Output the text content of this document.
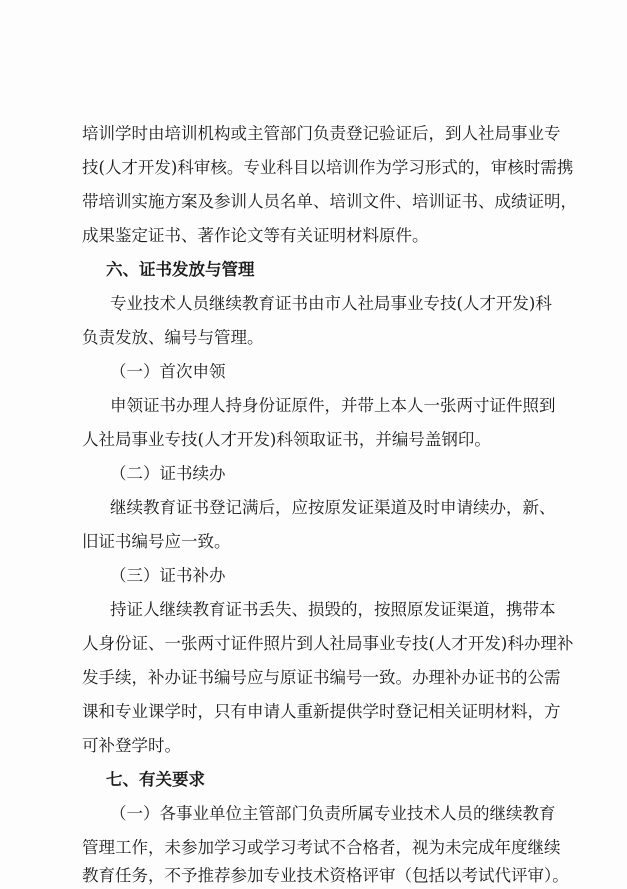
培训学时由培训机构或主管部门负责登记验证后，到人社局事业专
技(人才开发)科审核。专业科目以培训作为学习形式的，审核时需携
带培训实施方案及参训人员名单、培训文件、培训证书、成绩证明，
成果鉴定证书、著作论文等有关证明材料原件。
六、证书发放与管理
专业技术人员继续教育证书由市人社局事业专技(人才开发)科
负责发放、编号与管理。
（一）首次申领
申领证书办理人持身份证原件，并带上本人一张两寸证件照到
人社局事业专技(人才开发)科领取证书，并编号盖钢印。
（二）证书续办
继续教育证书登记满后，应按原发证渠道及时申请续办，新、
旧证书编号应一致。
（三）证书补办
持证人继续教育证书丢失、损毁的，按照原发证渠道，携带本
人身份证、一张两寸证件照片到人社局事业专技(人才开发)科办理补
发手续，补办证书编号应与原证书编号一致。办理补办证书的公需
课和专业课学时，只有申请人重新提供学时登记相关证明材料，方
可补登学时。
七、有关要求
（一）各事业单位主管部门负责所属专业技术人员的继续教育
管理工作，未参加学习或学习考试不合格者，视为未完成年度继续
教育任务，不予推荐参加专业技术资格评审（包括以考试代评审）。
